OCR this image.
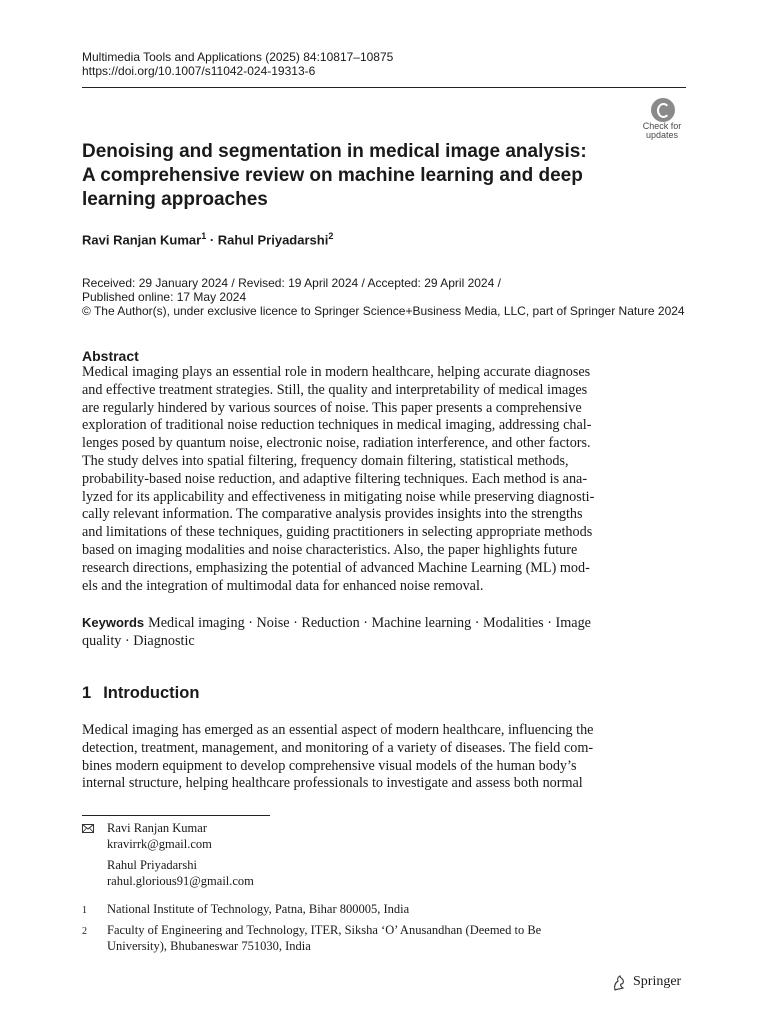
Multimedia Tools and Applications (2025) 84:10817–10875
https://doi.org/10.1007/s11042-024-19313-6
Check for
updates
Denoising and segmentation in medical image analysis:
A comprehensive review on machine learning and deep
learning approaches
Ravi Ranjan Kumar$^1$ · Rahul Priyadarshi$^2$
Received: 29 January 2024 / Revised: 19 April 2024 / Accepted: 29 April 2024 /
Published online: 17 May 2024
© The Author(s), under exclusive licence to Springer Science+Business Media, LLC, part of Springer Nature 2024
Abstract
Medical imaging plays an essential role in modern healthcare, helping accurate diagnoses
and effective treatment strategies. Still, the quality and interpretability of medical images
are regularly hindered by various sources of noise. This paper presents a comprehensive
exploration of traditional noise reduction techniques in medical imaging, addressing chal-
lenges posed by quantum noise, electronic noise, radiation interference, and other factors.
The study delves into spatial filtering, frequency domain filtering, statistical methods,
probability-based noise reduction, and adaptive filtering techniques. Each method is ana-
lyzed for its applicability and effectiveness in mitigating noise while preserving diagnosti-
cally relevant information. The comparative analysis provides insights into the strengths
and limitations of these techniques, guiding practitioners in selecting appropriate methods
based on imaging modalities and noise characteristics. Also, the paper highlights future
research directions, emphasizing the potential of advanced Machine Learning (ML) mod-
els and the integration of multimodal data for enhanced noise removal.
Keywords Medical imaging · Noise · Reduction · Machine learning · Modalities · Image
quality · Diagnostic
1 Introduction
Medical imaging has emerged as an essential aspect of modern healthcare, influencing the
detection, treatment, management, and monitoring of a variety of diseases. The field com-
bines modern equipment to develop comprehensive visual models of the human body’s
internal structure, helping healthcare professionals to investigate and assess both normal
Ravi Ranjan Kumar
kravirrk@gmail.com
Rahul Priyadarshi
rahul.glorious91@gmail.com
1 National Institute of Technology, Patna, Bihar 800005, India
2 Faculty of Engineering and Technology, ITER, Siksha ‘O’ Anusandhan (Deemed to Be
University), Bhubaneswar 751030, India
Springer
